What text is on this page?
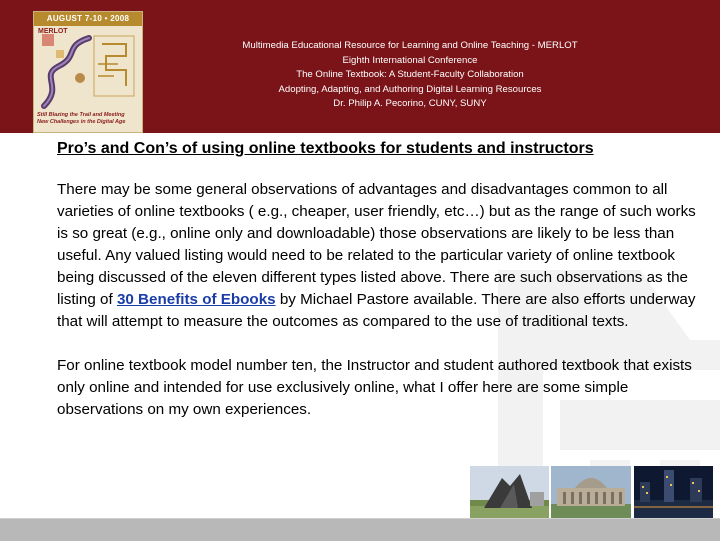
AUGUST 7-10 • 2008
MERLOT
Still Blazing the Trail and Meeting
New Challenges in the Digital Age
Multimedia Educational Resource for Learning and Online Teaching - MERLOT
Eighth International Conference
The Online Textbook: A Student-Faculty Collaboration
Adopting, Adapting, and Authoring Digital Learning Resources
Dr. Philip A. Pecorino, CUNY, SUNY

Pro’s and Con’s of using online textbooks for students and instructors

There may be some general observations of advantages and disadvantages common to all varieties of online textbooks ( e.g., cheaper, user friendly, etc…) but as the range of such works is so great (e.g., online only and downloadable) those observations are likely to be less than useful. Any valued listing would need to be related to the particular variety of online textbook being discussed of the eleven different types listed above. There are such observations as the listing of 30 Benefits of Ebooks by Michael Pastore available. There are also efforts underway that will attempt to measure the outcomes as compared to the use of traditional texts.

For online textbook model number ten, the Instructor and student authored textbook that exists only online and intended for use exclusively online, what I offer here are some simple observations on my own experiences.
